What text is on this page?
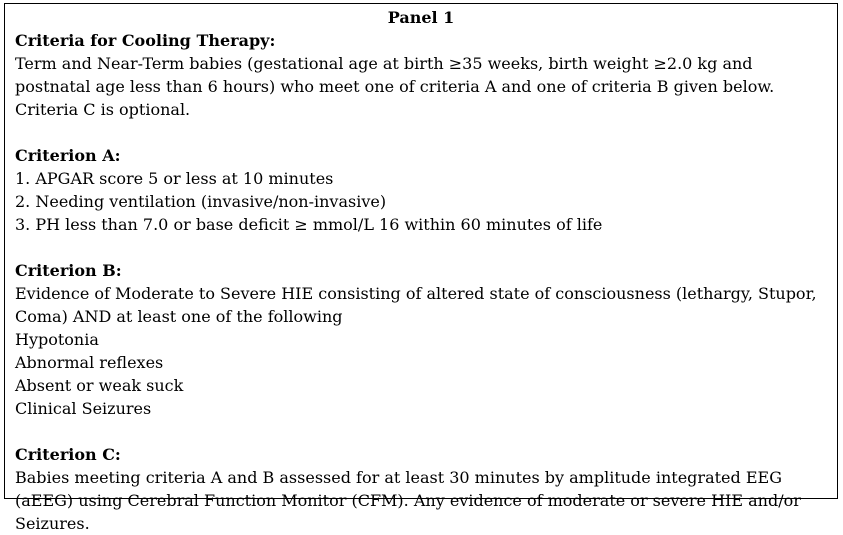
Panel 1

Criteria for Cooling Therapy:

Term and Near-Term babies (gestational age at birth ≥35 weeks, birth weight ≥2.0 kg and postnatal age less than 6 hours) who meet one of criteria A and one of criteria B given below. Criteria C is optional.

Criterion A:

1. APGAR score 5 or less at 10 minutes

2. Needing ventilation (invasive/non-invasive)

3. PH less than 7.0 or base deficit ≥ mmol/L 16 within 60 minutes of life

Criterion B:

Evidence of Moderate to Severe HIE consisting of altered state of consciousness (lethargy, Stupor, Coma) AND at least one of the following

Hypotonia

Abnormal reflexes

Absent or weak suck

Clinical Seizures

Criterion C:

Babies meeting criteria A and B assessed for at least 30 minutes by amplitude integrated EEG (aEEG) using Cerebral Function Monitor (CFM). Any evidence of moderate or severe HIE and/or Seizures.
